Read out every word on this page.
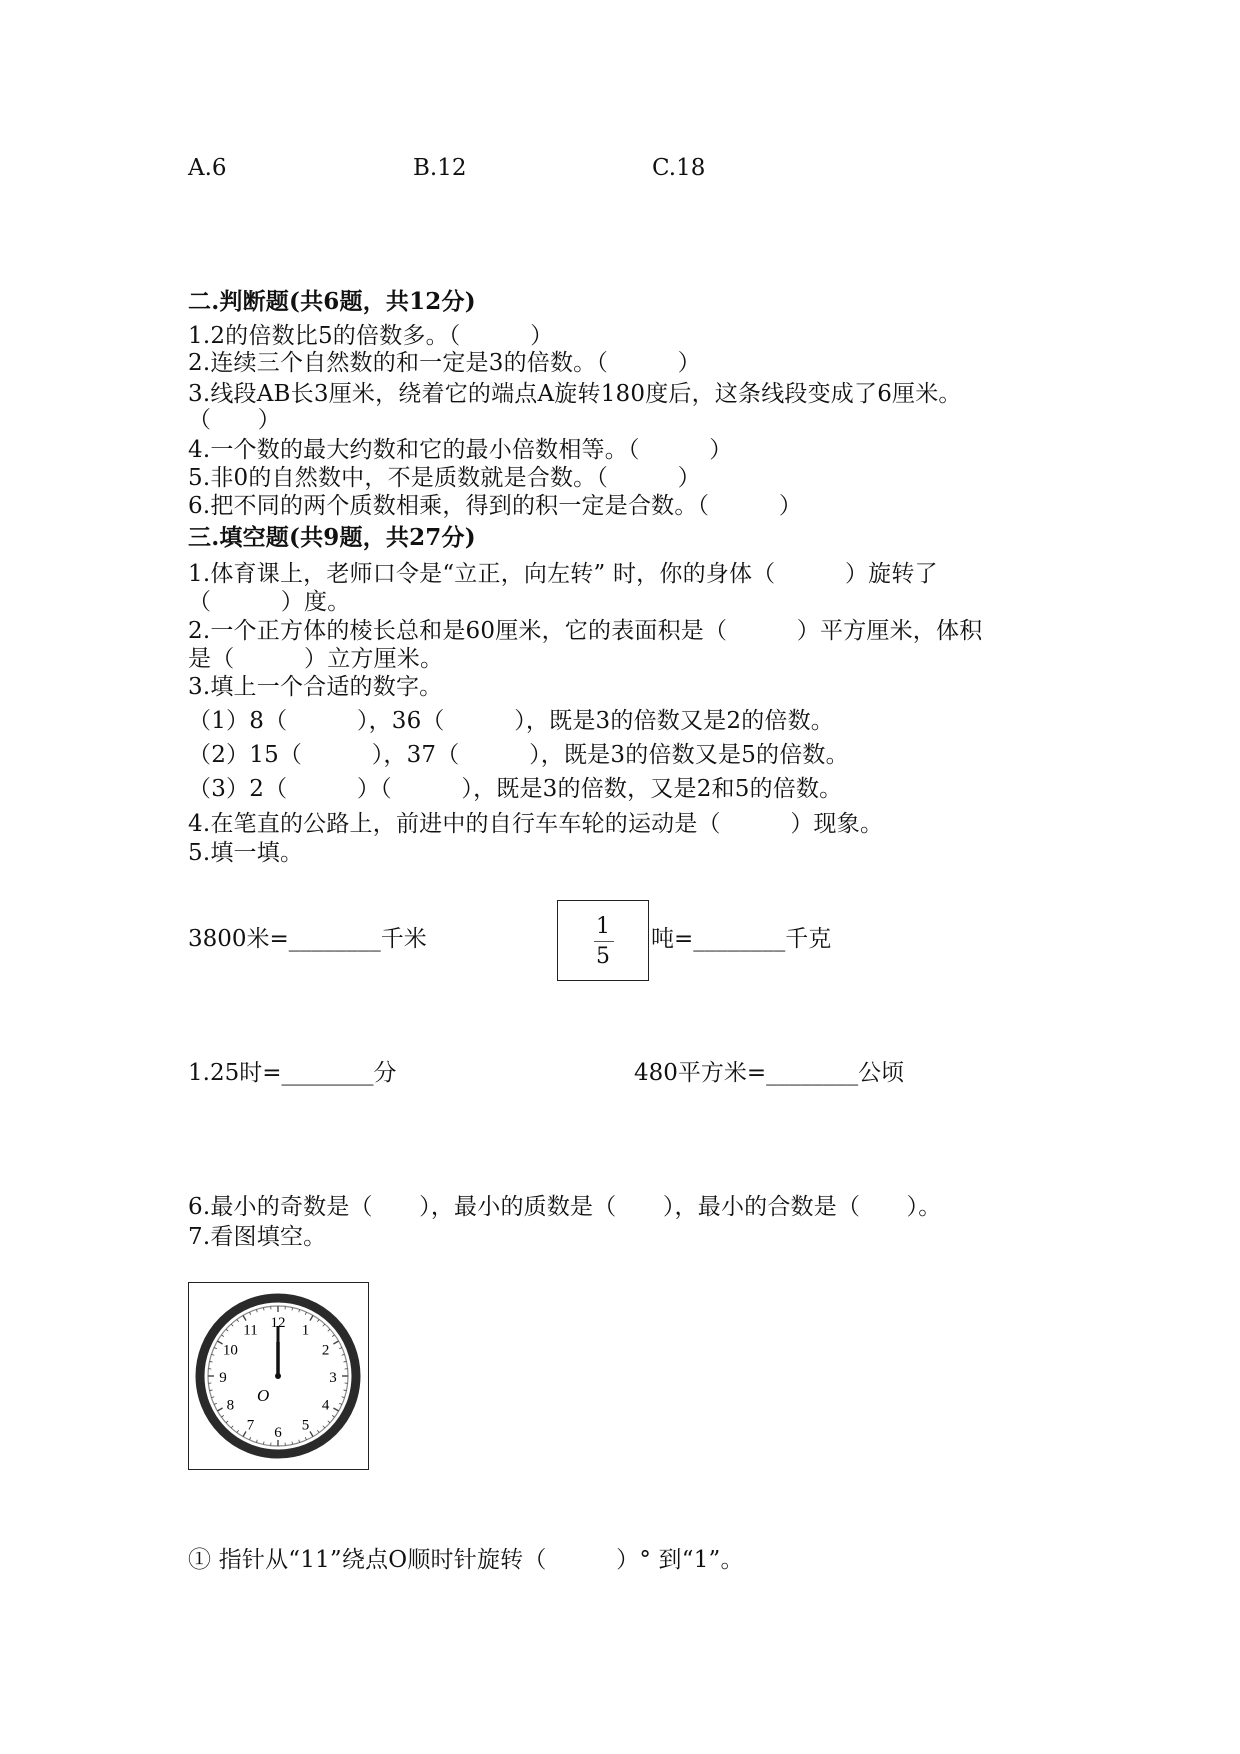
A.6	B.12	C.18
二.判断题(共6题，共12分)
1.2的倍数比5的倍数多。（　　　）
2.连续三个自然数的和一定是3的倍数。（　　　）
3.线段AB长3厘米，绕着它的端点A旋转180度后，这条线段变成了6厘米。
（　　）
4.一个数的最大约数和它的最小倍数相等。（　　　）
5.非0的自然数中，不是质数就是合数。（　　　）
6.把不同的两个质数相乘，得到的积一定是合数。（　　　）
三.填空题(共9题，共27分)
1.体育课上，老师口令是“立正，向左转” 时，你的身体（　　　）旋转了
（　　　）度。
2.一个正方体的棱长总和是60厘米，它的表面积是（　　　）平方厘米，体积
是（　　　）立方厘米。
3.填上一个合适的数字。
（1）8（　　　），36（　　　），既是3的倍数又是2的倍数。
（2）15（　　　），37（　　　），既是3的倍数又是5的倍数。
（3）2（　　　）（　　　），既是3的倍数，又是2和5的倍数。
4.在笔直的公路上，前进中的自行车车轮的运动是（　　　）现象。
5.填一填。
3800米=________千米	1
5
吨=________千克
1.25时=________分	480平方米=________公顷
6.最小的奇数是（　　），最小的质数是（　　），最小的合数是（　　）。
7.看图填空。
12 1
2
3
4
5
6
7
8
9
10
11
O
① 指针从“11”绕点O顺时针旋转（　　　）° 到“1”。
